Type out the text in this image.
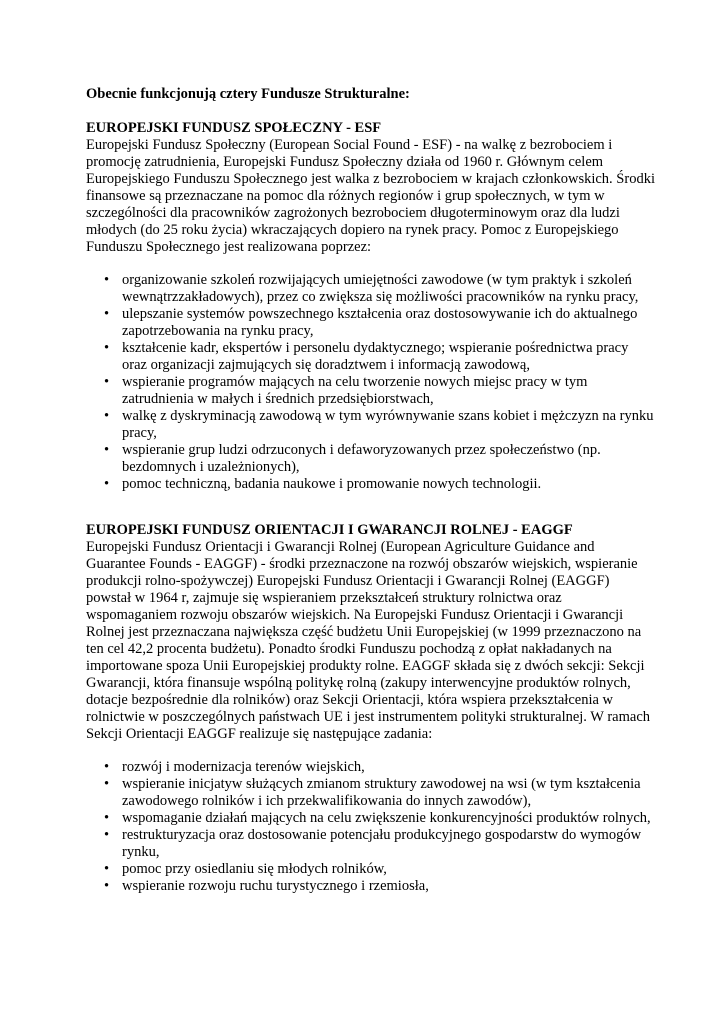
Obecnie funkcjonują cztery Fundusze Strukturalne:

EUROPEJSKI FUNDUSZ SPOŁECZNY - ESF

Europejski Fundusz Społeczny (European Social Found - ESF) - na walkę z bezrobociem i promocję zatrudnienia, Europejski Fundusz Społeczny działa od 1960 r. Głównym celem Europejskiego Funduszu Społecznego jest walka z bezrobociem w krajach członkowskich. Środki finansowe są przeznaczane na pomoc dla różnych regionów i grup społecznych, w tym w szczególności dla pracowników zagrożonych bezrobociem długoterminowym oraz dla ludzi młodych (do 25 roku życia) wkraczających dopiero na rynek pracy. Pomoc z Europejskiego Funduszu Społecznego jest realizowana poprzez:

• organizowanie szkoleń rozwijających umiejętności zawodowe (w tym praktyk i szkoleń wewnątrzzakładowych), przez co zwiększa się możliwości pracowników na rynku pracy,
• ulepszanie systemów powszechnego kształcenia oraz dostosowywanie ich do aktualnego zapotrzebowania na rynku pracy,
• kształcenie kadr, ekspertów i personelu dydaktycznego; wspieranie pośrednictwa pracy oraz organizacji zajmujących się doradztwem i informacją zawodową,
• wspieranie programów mających na celu tworzenie nowych miejsc pracy w tym zatrudnienia w małych i średnich przedsiębiorstwach,
• walkę z dyskryminacją zawodową w tym wyrównywanie szans kobiet i mężczyzn na rynku pracy,
• wspieranie grup ludzi odrzuconych i defaworyzowanych przez społeczeństwo (np. bezdomnych i uzależnionych),
• pomoc techniczną, badania naukowe i promowanie nowych technologii.
EUROPEJSKI FUNDUSZ ORIENTACJI I GWARANCJI ROLNEJ - EAGGF

Europejski Fundusz Orientacji i Gwarancji Rolnej (European Agriculture Guidance and Guarantee Founds - EAGGF) - środki przeznaczone na rozwój obszarów wiejskich, wspieranie produkcji rolno-spożywczej) Europejski Fundusz Orientacji i Gwarancji Rolnej (EAGGF) powstał w 1964 r, zajmuje się wspieraniem przekształceń struktury rolnictwa oraz wspomaganiem rozwoju obszarów wiejskich. Na Europejski Fundusz Orientacji i Gwarancji Rolnej jest przeznaczana największa część budżetu Unii Europejskiej (w 1999 przeznaczono na ten cel 42,2 procenta budżetu). Ponadto środki Funduszu pochodzą z opłat nakładanych na importowane spoza Unii Europejskiej produkty rolne. EAGGF składa się z dwóch sekcji: Sekcji Gwarancji, która finansuje wspólną politykę rolną (zakupy interwencyjne produktów rolnych, dotacje bezpośrednie dla rolników) oraz Sekcji Orientacji, która wspiera przekształcenia w rolnictwie w poszczególnych państwach UE i jest instrumentem polityki strukturalnej. W ramach Sekcji Orientacji EAGGF realizuje się następujące zadania:

• rozwój i modernizacja terenów wiejskich,
• wspieranie inicjatyw służących zmianom struktury zawodowej na wsi (w tym kształcenia zawodowego rolników i ich przekwalifikowania do innych zawodów),
• wspomaganie działań mających na celu zwiększenie konkurencyjności produktów rolnych,
• restrukturyzacja oraz dostosowanie potencjału produkcyjnego gospodarstw do wymogów rynku,
• pomoc przy osiedlaniu się młodych rolników,
• wspieranie rozwoju ruchu turystycznego i rzemiosła,
